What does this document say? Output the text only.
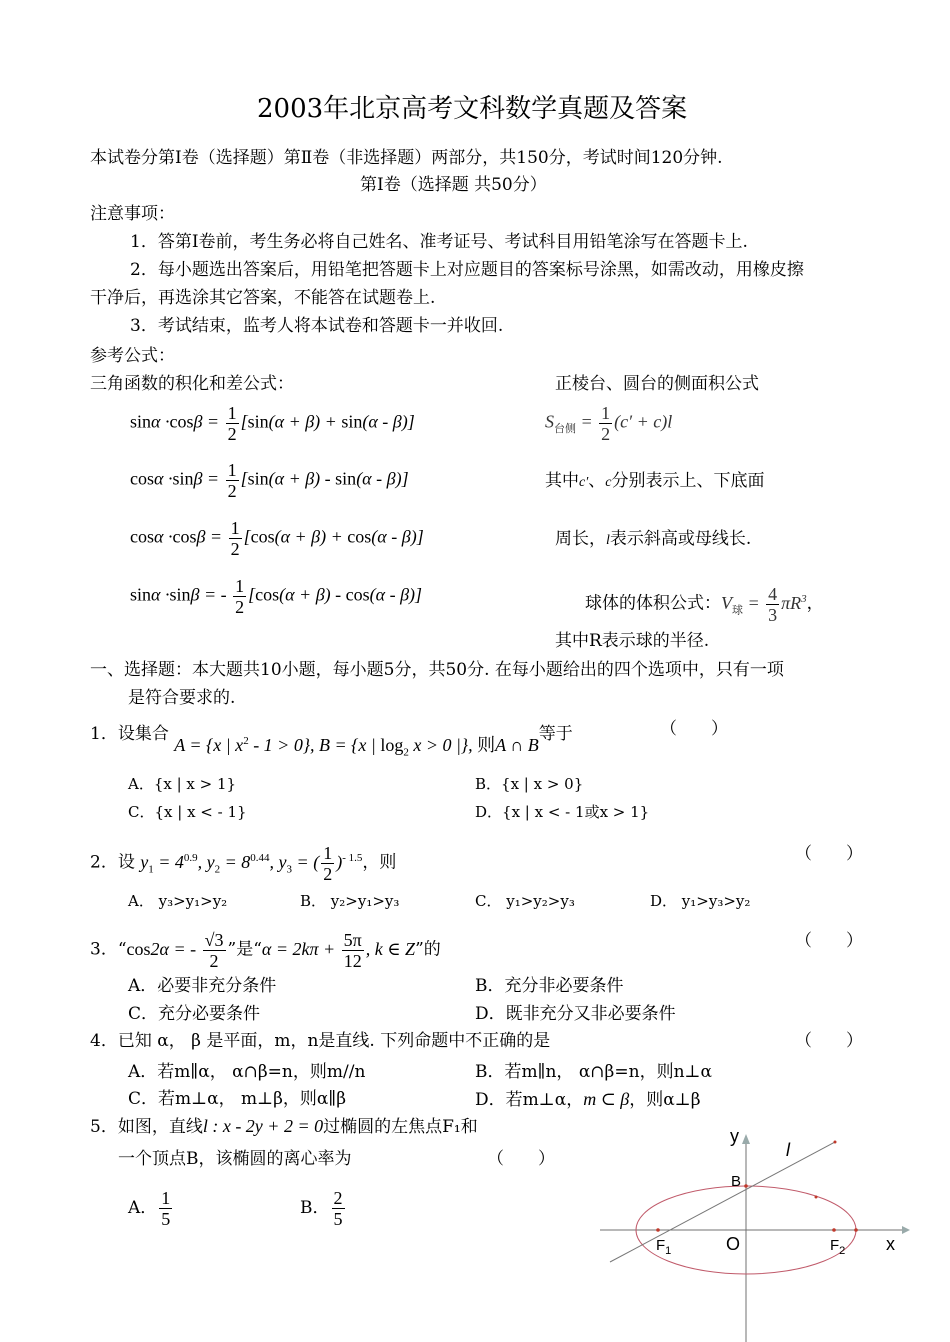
2003年北京高考文科数学真题及答案
本试卷分第Ⅰ卷（选择题）第Ⅱ卷（非选择题）两部分，共150分，考试时间120分钟.
第Ⅰ卷（选择题 共50分）
注意事项：
1．答第Ⅰ卷前，考生务必将自己姓名、准考证号、考试科目用铅笔涂写在答题卡上.
2．每小题选出答案后，用铅笔把答题卡上对应题目的答案标号涂黑，如需改动，用橡皮擦
干净后，再选涂其它答案，不能答在试题卷上.
3．考试结束，监考人将本试卷和答题卡一并收回.
参考公式：
三角函数的积化和差公式：	正棱台、圆台的侧面积公式
$\sin\alpha \cdot\cos\beta = \frac{1}{2} [\sin(\alpha + \beta) + \sin(\alpha - \beta)]$
$\cos\alpha \cdot\sin\beta = \frac{1}{2} [\sin(\alpha + \beta) - \sin(\alpha - \beta)]$
$\cos\alpha \cdot\cos\beta = \frac{1}{2} [\cos(\alpha + \beta) + \cos(\alpha - \beta)]$
sinα ·sinβ = - $\frac{1}{2} [\cos(\alpha + \beta) - \cos(\alpha - \beta)]$
$S_{台侧} = \frac{1}{2} (c' + c)l$
其中c′、c分别表示上、下底面
周长，l表示斜高或母线长.
球体的体积公式：$V_球 = \frac{4}{3} \pi R^3$，
其中R表示球的半径.
一、选择题：本大题共10小题，每小题5分，共50分. 在每小题给出的四个选项中，只有一项
是符合要求的.
1．设集合 A = {x | $x^2 - 1 > 0$}, B = {x | $\log_2 x > 0$ |}, 则A ∩ B等于	（　　）
A．{x | x > 1}	B．{x | x > 0}
C．{x | x < - 1}	D．{x | x < - 1或x > 1}
2．设 $y_1 = 4^{0.9}$, $y_2 = 8^{0.44}$, $y_3$ = ( $\frac{1}{2} )^{- 1.5}$，则	（　　）
A． y₃>y₁>y₂	B． y₂>y₁>y₃	C． y₁>y₂>y₃	D． y₁>y₃>y₂
3．“cos2α = - $\frac{√3}{2}$ ”是“$\alpha = 2k\pi + \frac{5\pi}{12}$ , k ∈ Z”的	（　　）
A．必要非充分条件	B．充分非必要条件
C．充分必要条件	D．既非充分又非必要条件
4．已知 α， β 是平面，m，n是直线. 下列命题中不正确的是	（　　）
A．若m∥α， α∩β=n，则m//n	B．若m∥n， α∩β=n，则n⊥α
C．若m⊥α， m⊥β，则α∥β	D．若m⊥α，m ⊂ β，则α⊥β
5．如图，直线l : x - 2y + 2 = 0过椭圆的左焦点F₁和
一个顶点B，该椭圆的离心率为	（　　）
A． $\frac{1}{5}$	B． $\frac{2}{5}$
y
l
B
$F_1$	O	$F_2$ x
